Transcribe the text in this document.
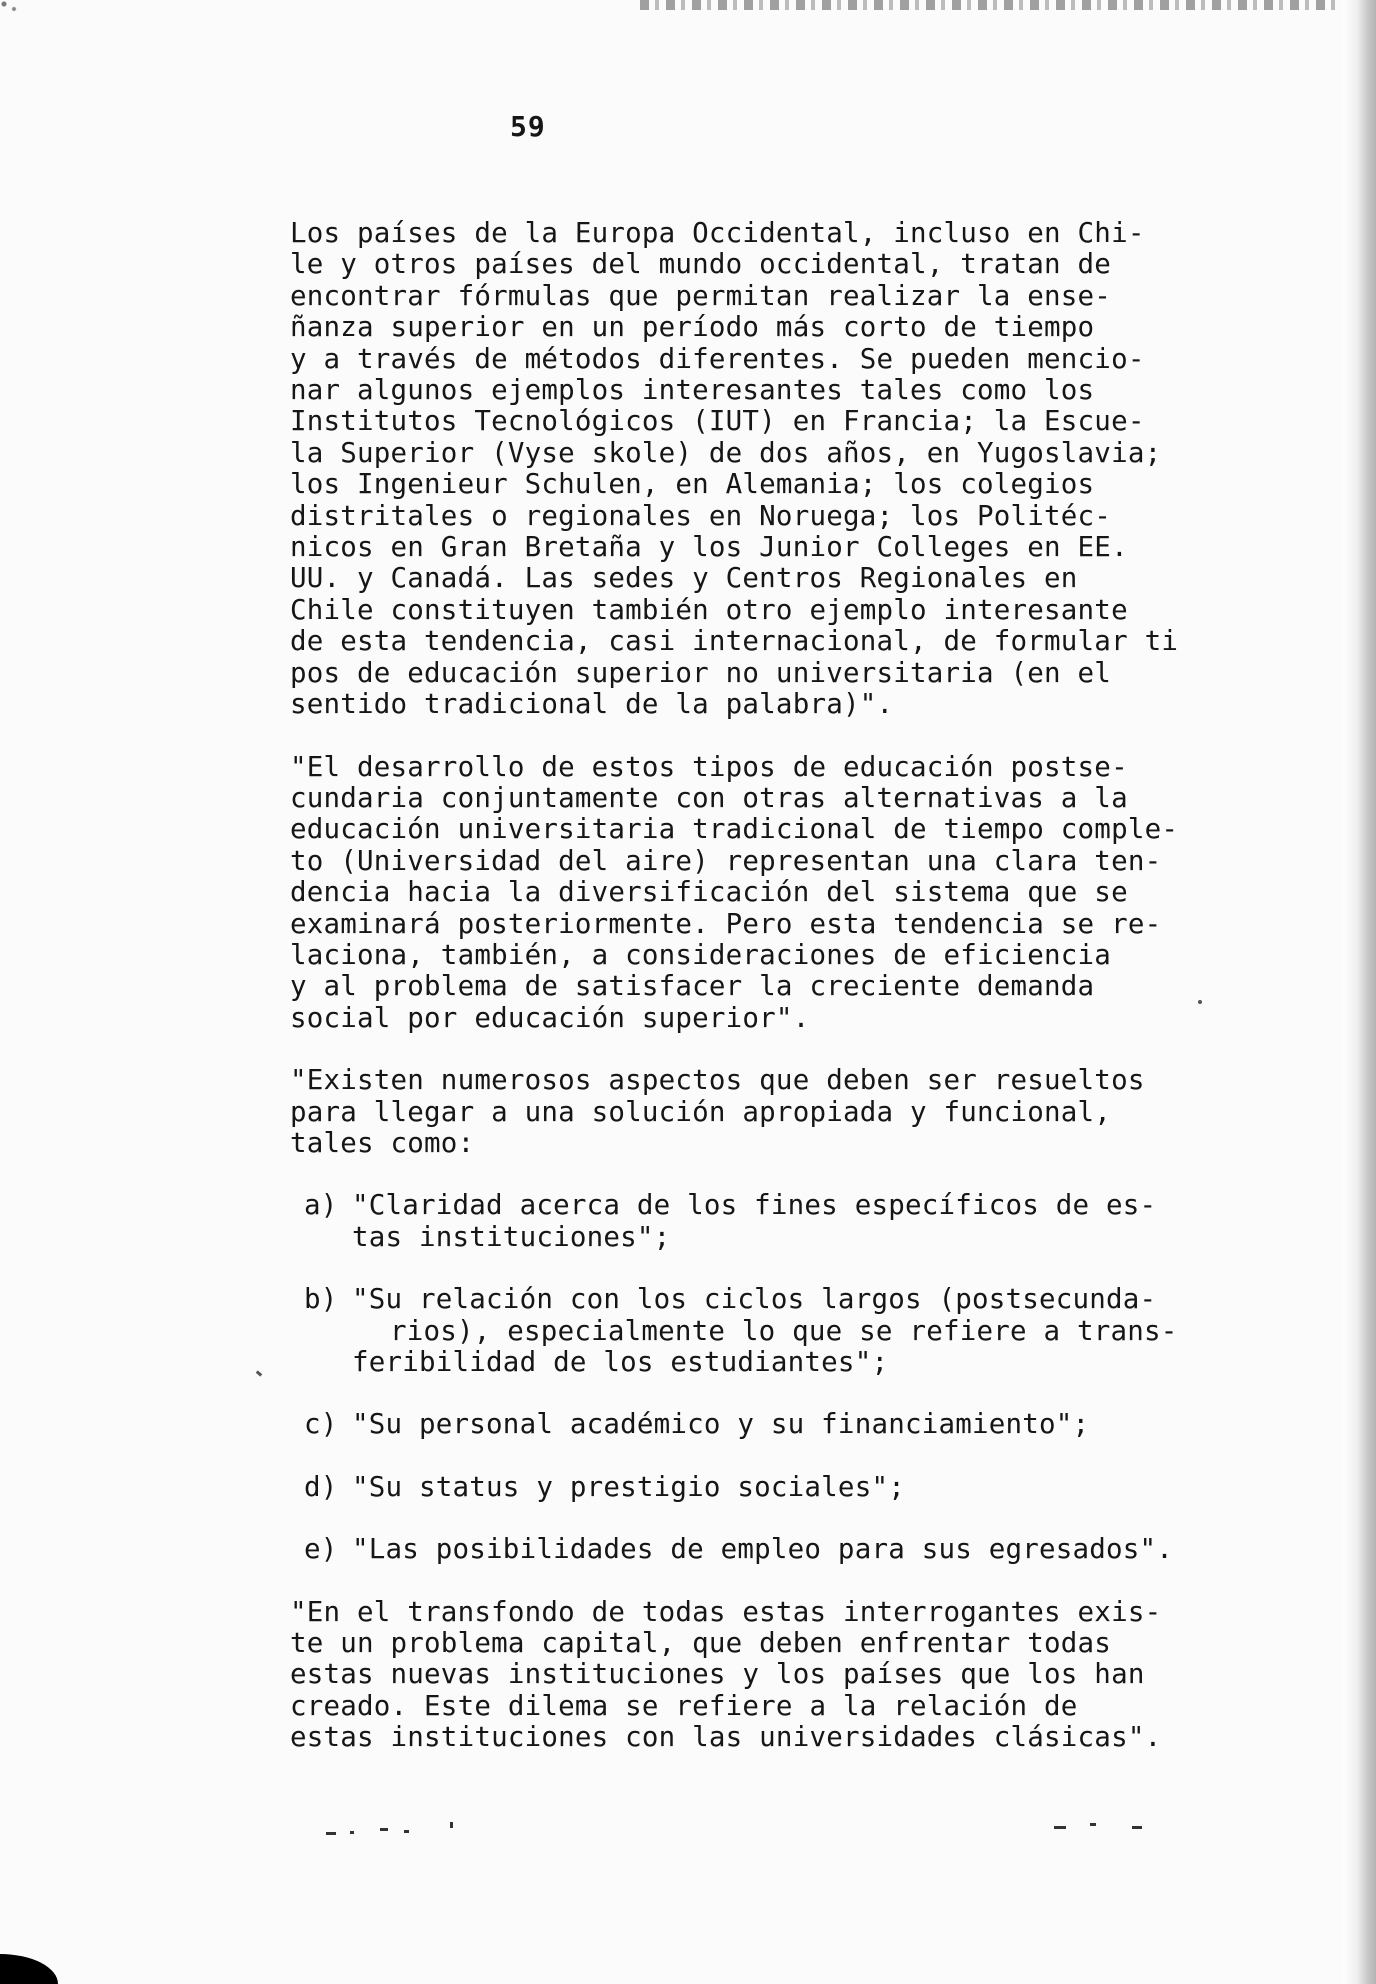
59
Los países de la Europa Occidental, incluso en Chi-
le y otros países del mundo occidental, tratan de
encontrar fórmulas que permitan realizar la ense-
ñanza superior en un período más corto de tiempo
y a través de métodos diferentes. Se pueden mencio-
nar algunos ejemplos interesantes tales como los
Institutos Tecnológicos (IUT) en Francia; la Escue-
la Superior (Vyse skole) de dos años, en Yugoslavia;
los Ingenieur Schulen, en Alemania; los colegios
distritales o regionales en Noruega; los Politéc-
nicos en Gran Bretaña y los Junior Colleges en EE.
UU. y Canadá. Las sedes y Centros Regionales en
Chile constituyen también otro ejemplo interesante
de esta tendencia, casi internacional, de formular ti
pos de educación superior no universitaria (en el
sentido tradicional de la palabra)".
"El desarrollo de estos tipos de educación postse-
cundaria conjuntamente con otras alternativas a la
educación universitaria tradicional de tiempo comple-
to (Universidad del aire) representan una clara ten-
dencia hacia la diversificación del sistema que se
examinará posteriormente. Pero esta tendencia se re-
laciona, también, a consideraciones de eficiencia
y al problema de satisfacer la creciente demanda
social por educación superior".
"Existen numerosos aspectos que deben ser resueltos
para llegar a una solución apropiada y funcional,
tales como:
a) "Claridad acerca de los fines específicos de es-
tas instituciones";
b) "Su relación con los ciclos largos (postsecunda-
rios), especialmente lo que se refiere a trans-
feribilidad de los estudiantes";
c) "Su personal académico y su financiamiento";
d) "Su status y prestigio sociales";
e) "Las posibilidades de empleo para sus egresados".
"En el transfondo de todas estas interrogantes exis-
te un problema capital, que deben enfrentar todas
estas nuevas instituciones y los países que los han
creado. Este dilema se refiere a la relación de
estas instituciones con las universidades clásicas".
